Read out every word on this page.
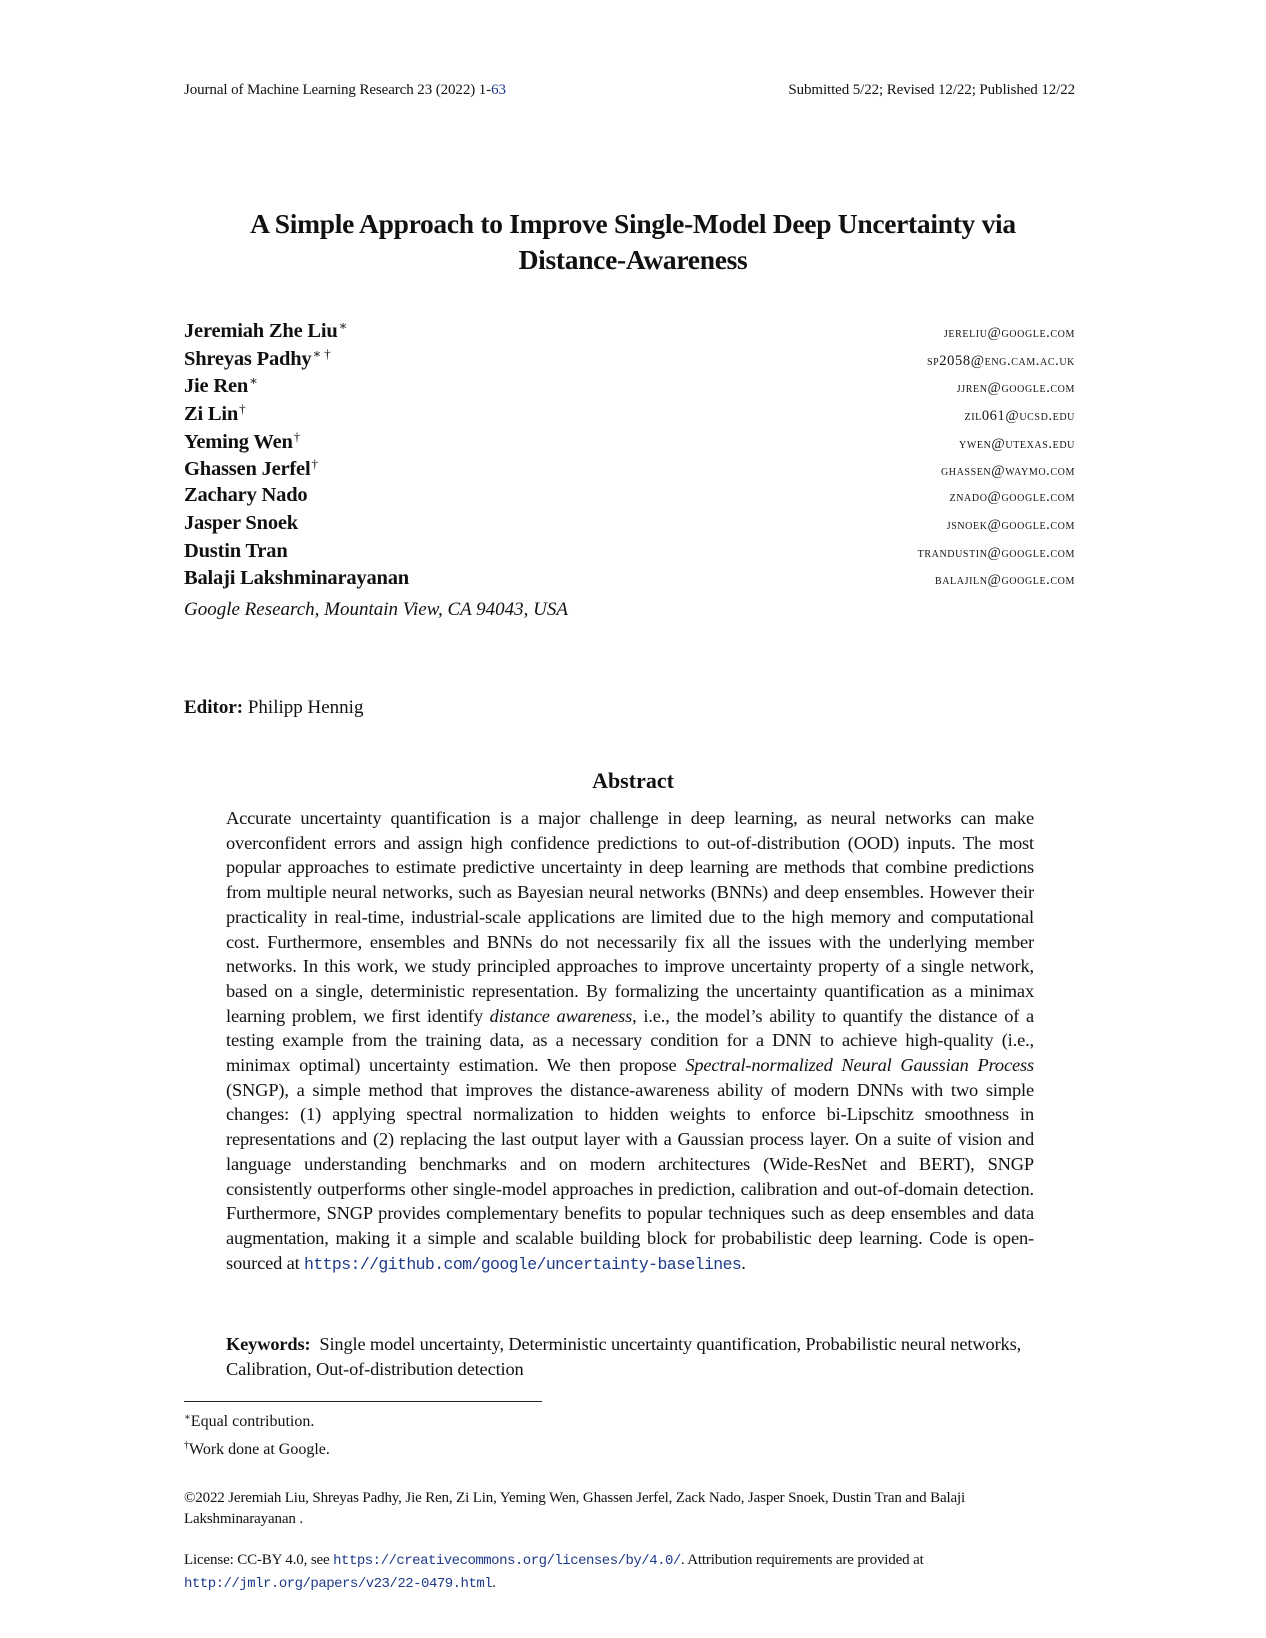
Journal of Machine Learning Research 23 (2022) 1-63	Submitted 5/22; Revised 12/22; Published 12/22
A Simple Approach to Improve Single-Model Deep Uncertainty via
Distance-Awareness
Jeremiah Zhe Liu∗	jereliu@google.com
Shreyas Padhy∗ †	sp2058@eng.cam.ac.uk
Jie Ren∗	jjren@google.com
Zi Lin†	zil061@ucsd.edu
Yeming Wen†	ywen@utexas.edu
Ghassen Jerfel†	ghassen@waymo.com
Zachary Nado	znado@google.com
Jasper Snoek	jsnoek@google.com
Dustin Tran	trandustin@google.com
Balaji Lakshminarayanan	balajiln@google.com
Google Research, Mountain View, CA 94043, USA
Editor: Philipp Hennig
Abstract
Accurate uncertainty quantification is a major challenge in deep learning, as neural networks can make overconfident errors and assign high confidence predictions to out-of-distribution (OOD) inputs. The most popular approaches to estimate predictive uncertainty in deep learning are methods that combine predictions from multiple neural networks, such as Bayesian neural networks (BNNs) and deep ensembles. However their practicality in real-time, industrial-scale applications are limited due to the high memory and computational cost. Furthermore, ensembles and BNNs do not necessarily fix all the issues with the underlying member networks. In this work, we study principled approaches to improve uncertainty property of a single network, based on a single, deterministic representation. By formalizing the uncertainty quantification as a minimax learning problem, we first identify distance awareness, i.e., the model’s ability to quantify the distance of a testing example from the training data, as a necessary condition for a DNN to achieve high-quality (i.e., minimax optimal) uncertainty estimation. We then propose Spectral-normalized Neural Gaussian Process (SNGP), a simple method that improves the distance-awareness ability of modern DNNs with two simple changes: (1) applying spectral normalization to hidden weights to enforce bi-Lipschitz smoothness in representations and (2) replacing the last output layer with a Gaussian process layer. On a suite of vision and language understanding benchmarks and on modern architectures (Wide-ResNet and BERT), SNGP consistently outperforms other single-model approaches in prediction, calibration and out-of-domain detection. Furthermore, SNGP provides complementary benefits to popular techniques such as deep ensembles and data augmentation, making it a simple and scalable building block for probabilistic deep learning. Code is open-sourced at https://github.com/google/uncertainty-baselines.
Keywords: Single model uncertainty, Deterministic uncertainty quantification, Probabilistic neural networks, Calibration, Out-of-distribution detection
∗Equal contribution.
†Work done at Google.
©2022 Jeremiah Liu, Shreyas Padhy, Jie Ren, Zi Lin, Yeming Wen, Ghassen Jerfel, Zack Nado, Jasper Snoek, Dustin Tran and Balaji Lakshminarayanan .
License: CC-BY 4.0, see https://creativecommons.org/licenses/by/4.0/. Attribution requirements are provided at
http://jmlr.org/papers/v23/22-0479.html.
